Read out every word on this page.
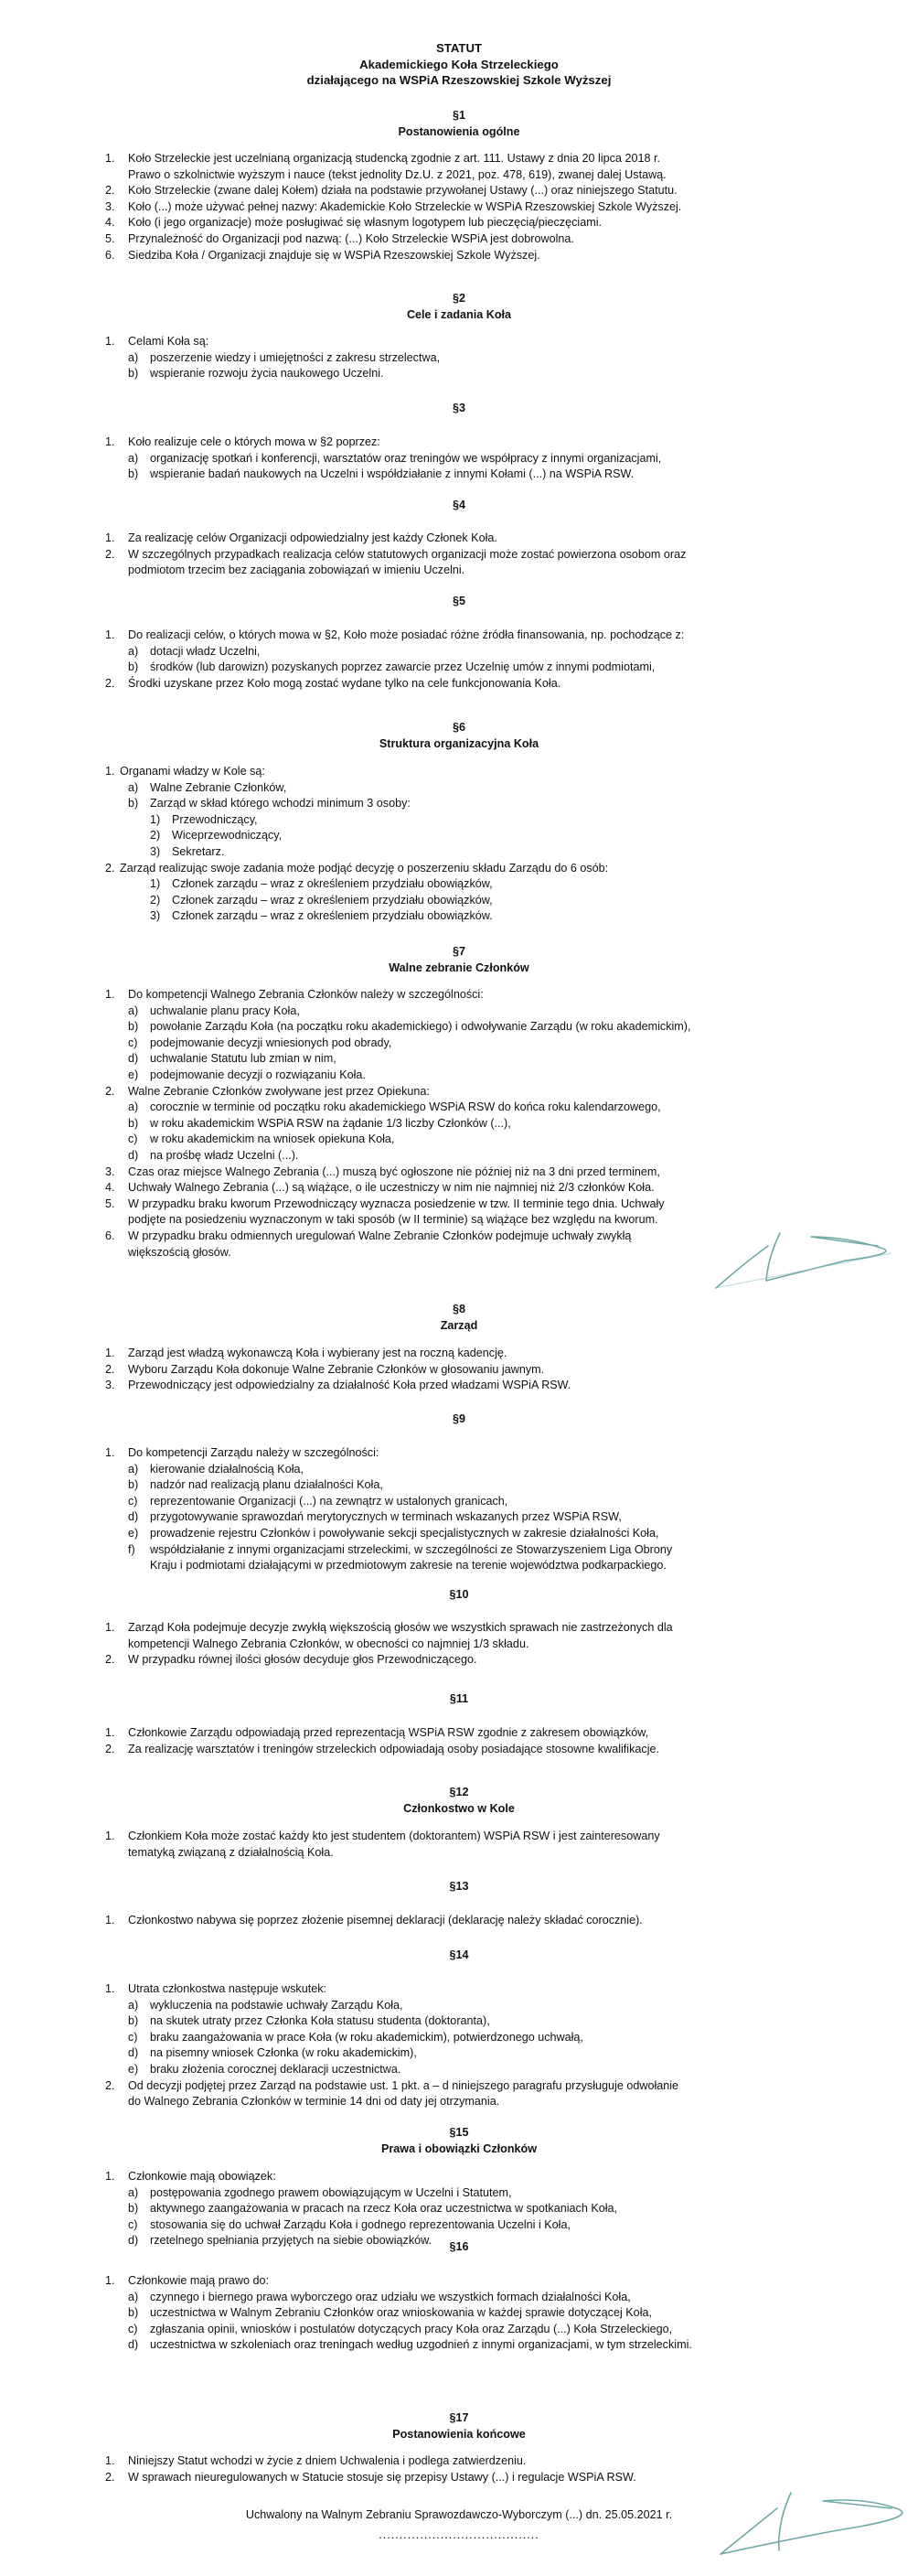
STATUT
Akademickiego Koła Strzeleckiego
działającego na WSPiA Rzeszowskiej Szkole Wyższej
§1
Postanowienia ogólne
1. Koło Strzeleckie jest uczelnianą organizacją studencką zgodnie z art. 111. Ustawy z dnia 20 lipca 2018 r.
Prawo o szkolnictwie wyższym i nauce (tekst jednolity Dz.U. z 2021, poz. 478, 619), zwanej dalej Ustawą.
2. Koło Strzeleckie (zwane dalej Kołem) działa na podstawie przywołanej Ustawy (...) oraz niniejszego Statutu.
3. Koło (...) może używać pełnej nazwy: Akademickie Koło Strzeleckie w WSPiA Rzeszowskiej Szkole Wyższej.
4. Koło (i jego organizacje) może posługiwać się własnym logotypem lub pieczęcią/pieczęciami.
5. Przynależność do Organizacji pod nazwą: (...) Koło Strzeleckie WSPiA jest dobrowolna.
6. Siedziba Koła / Organizacji znajduje się w WSPiA Rzeszowskiej Szkole Wyższej.
§2
Cele i zadania Koła
1. Celami Koła są:
a) poszerzenie wiedzy i umiejętności z zakresu strzelectwa,
b) wspieranie rozwoju życia naukowego Uczelni.
§3
1. Koło realizuje cele o których mowa w §2 poprzez:
a) organizację spotkań i konferencji, warsztatów oraz treningów we współpracy z innymi organizacjami,
b) wspieranie badań naukowych na Uczelni i współdziałanie z innymi Kołami (...) na WSPiA RSW.
§4
1. Za realizację celów Organizacji odpowiedzialny jest każdy Członek Koła.
2. W szczególnych przypadkach realizacja celów statutowych organizacji może zostać powierzona osobom oraz
podmiotom trzecim bez zaciągania zobowiązań w imieniu Uczelni.
§5
1. Do realizacji celów, o których mowa w §2, Koło może posiadać różne źródła finansowania, np. pochodzące z:
a) dotacji władz Uczelni,
b) środków (lub darowizn) pozyskanych poprzez zawarcie przez Uczelnię umów z innymi podmiotami,
2. Środki uzyskane przez Koło mogą zostać wydane tylko na cele funkcjonowania Koła.
§6
Struktura organizacyjna Koła
1. Organami władzy w Kole są:
a) Walne Zebranie Członków,
b) Zarząd w skład którego wchodzi minimum 3 osoby:
1) Przewodniczący,
2) Wiceprzewodniczący,
3) Sekretarz.
2. Zarząd realizując swoje zadania może podjąć decyzję o poszerzeniu składu Zarządu do 6 osób:
1) Członek zarządu – wraz z określeniem przydziału obowiązków,
2) Członek zarządu – wraz z określeniem przydziału obowiązków,
3) Członek zarządu – wraz z określeniem przydziału obowiązków.
§7
Walne zebranie Członków
1. Do kompetencji Walnego Zebrania Członków należy w szczególności:
a) uchwalanie planu pracy Koła,
b) powołanie Zarządu Koła (na początku roku akademickiego) i odwoływanie Zarządu (w roku akademickim),
c) podejmowanie decyzji wniesionych pod obrady,
d) uchwalanie Statutu lub zmian w nim,
e) podejmowanie decyzji o rozwiązaniu Koła.
2. Walne Zebranie Członków zwoływane jest przez Opiekuna:
a) corocznie w terminie od początku roku akademickiego WSPiA RSW do końca roku kalendarzowego,
b) w roku akademickim WSPiA RSW na żądanie 1/3 liczby Członków (...),
c) w roku akademickim na wniosek opiekuna Koła,
d) na prośbę władz Uczelni (...).
3. Czas oraz miejsce Walnego Zebrania (...) muszą być ogłoszone nie później niż na 3 dni przed terminem,
4. Uchwały Walnego Zebrania (...) są wiążące, o ile uczestniczy w nim nie najmniej niż 2/3 członków Koła.
5. W przypadku braku kworum Przewodniczący wyznacza posiedzenie w tzw. II terminie tego dnia. Uchwały
podjęte na posiedzeniu wyznaczonym w taki sposób (w II terminie) są wiążące bez względu na kworum.
6. W przypadku braku odmiennych uregulowań Walne Zebranie Członków podejmuje uchwały zwykłą
większością głosów.
§8
Zarząd
1. Zarząd jest władzą wykonawczą Koła i wybierany jest na roczną kadencję.
2. Wyboru Zarządu Koła dokonuje Walne Zebranie Członków w głosowaniu jawnym.
3. Przewodniczący jest odpowiedzialny za działalność Koła przed władzami WSPiA RSW.
§9
1. Do kompetencji Zarządu należy w szczególności:
a) kierowanie działalnością Koła,
b) nadzór nad realizacją planu działalności Koła,
c) reprezentowanie Organizacji (...) na zewnątrz w ustalonych granicach,
d) przygotowywanie sprawozdań merytorycznych w terminach wskazanych przez WSPiA RSW,
e) prowadzenie rejestru Członków i powoływanie sekcji specjalistycznych w zakresie działalności Koła,
f) współdziałanie z innymi organizacjami strzeleckimi, w szczególności ze Stowarzyszeniem Liga Obrony
Kraju i podmiotami działającymi w przedmiotowym zakresie na terenie województwa podkarpackiego.
§10
1. Zarząd Koła podejmuje decyzje zwykłą większością głosów we wszystkich sprawach nie zastrzeżonych dla
kompetencji Walnego Zebrania Członków, w obecności co najmniej 1/3 składu.
2. W przypadku równej ilości głosów decyduje głos Przewodniczącego.
§11
1. Członkowie Zarządu odpowiadają przed reprezentacją WSPiA RSW zgodnie z zakresem obowiązków,
2. Za realizację warsztatów i treningów strzeleckich odpowiadają osoby posiadające stosowne kwalifikacje.
§12
Członkostwo w Kole
1. Członkiem Koła może zostać każdy kto jest studentem (doktorantem) WSPiA RSW i jest zainteresowany
tematyką związaną z działalnością Koła.
§13
1. Członkostwo nabywa się poprzez złożenie pisemnej deklaracji (deklarację należy składać corocznie).
§14
1. Utrata członkostwa następuje wskutek:
a) wykluczenia na podstawie uchwały Zarządu Koła,
b) na skutek utraty przez Członka Koła statusu studenta (doktoranta),
c) braku zaangażowania w prace Koła (w roku akademickim), potwierdzonego uchwałą,
d) na pisemny wniosek Członka (w roku akademickim),
e) braku złożenia corocznej deklaracji uczestnictwa.
2. Od decyzji podjętej przez Zarząd na podstawie ust. 1 pkt. a – d niniejszego paragrafu przysługuje odwołanie
do Walnego Zebrania Członków w terminie 14 dni od daty jej otrzymania.
§15
Prawa i obowiązki Członków
1. Członkowie mają obowiązek:
a) postępowania zgodnego prawem obowiązującym w Uczelni i Statutem,
b) aktywnego zaangażowania w pracach na rzecz Koła oraz uczestnictwa w spotkaniach Koła,
c) stosowania się do uchwał Zarządu Koła i godnego reprezentowania Uczelni i Koła,
d) rzetelnego spełniania przyjętych na siebie obowiązków.	§16
1. Członkowie mają prawo do:
a) czynnego i biernego prawa wyborczego oraz udziału we wszystkich formach działalności Koła,
b) uczestnictwa w Walnym Zebraniu Członków oraz wnioskowania w każdej sprawie dotyczącej Koła,
c) zgłaszania opinii, wniosków i postulatów dotyczących pracy Koła oraz Zarządu (...) Koła Strzeleckiego,
d) uczestnictwa w szkoleniach oraz treningach według uzgodnień z innymi organizacjami, w tym strzeleckimi.
§17
Postanowienia końcowe
1. Niniejszy Statut wchodzi w życie z dniem Uchwalenia i podlega zatwierdzeniu.
2. W sprawach nieuregulowanych w Statucie stosuje się przepisy Ustawy (...) i regulacje WSPiA RSW.
Uchwalony na Walnym Zebraniu Sprawozdawczo-Wyborczym (...) dn. 25.05.2021 r.
.......................................
